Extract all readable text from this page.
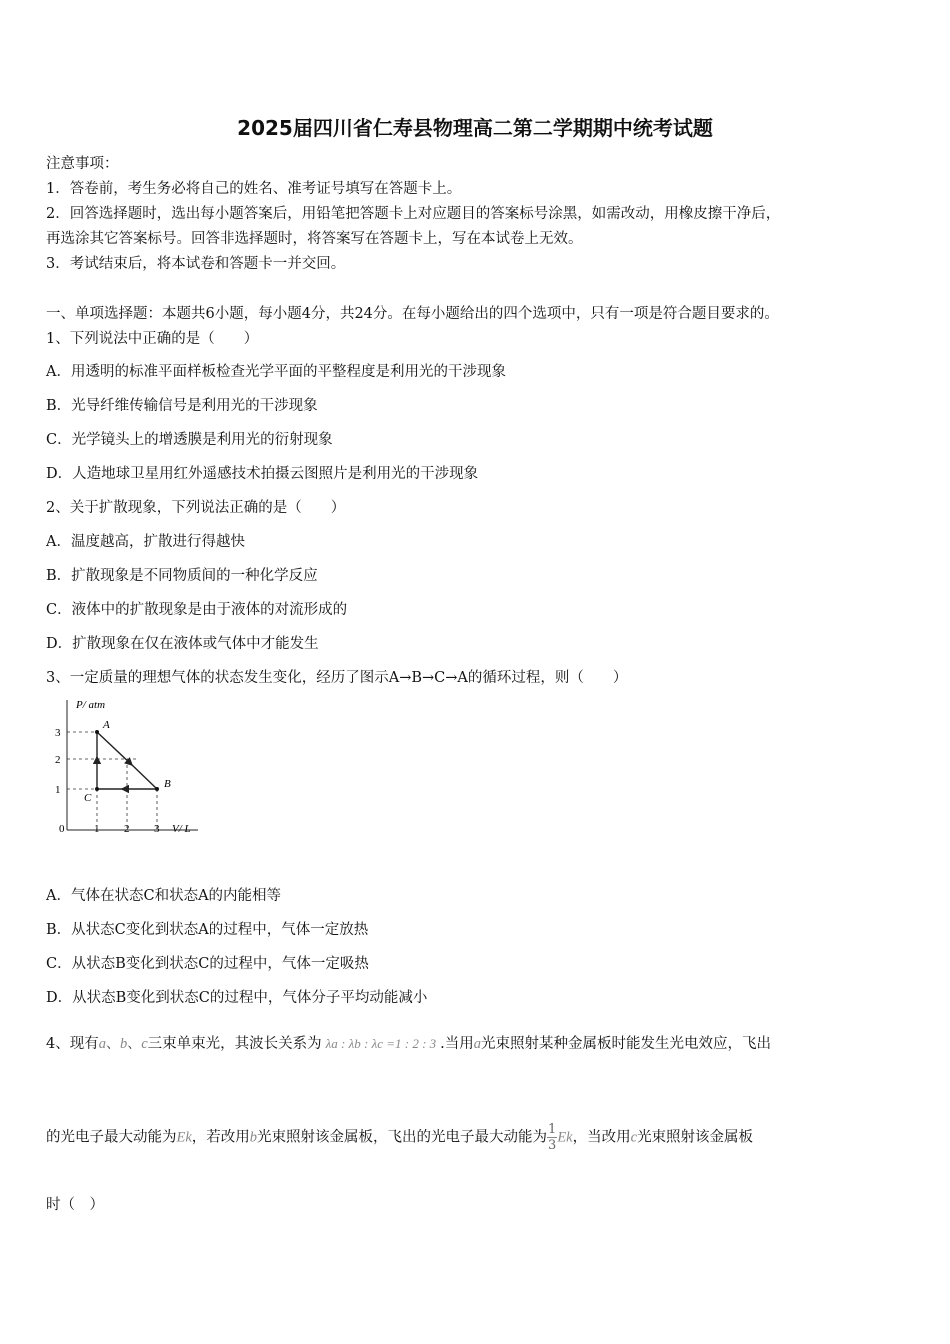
2025届四川省仁寿县物理高二第二学期期中统考试题
注意事项：
1．答卷前，考生务必将自己的姓名、准考证号填写在答题卡上。
2．回答选择题时，选出每小题答案后，用铅笔把答题卡上对应题目的答案标号涂黑，如需改动，用橡皮擦干净后，
再选涂其它答案标号。回答非选择题时，将答案写在答题卡上，写在本试卷上无效。
3．考试结束后，将本试卷和答题卡一并交回。
一、单项选择题：本题共6小题，每小题4分，共24分。在每小题给出的四个选项中，只有一项是符合题目要求的。
1、下列说法中正确的是（　　）
A．用透明的标准平面样板检查光学平面的平整程度是利用光的干涉现象
B．光导纤维传输信号是利用光的干涉现象
C．光学镜头上的增透膜是利用光的衍射现象
D．人造地球卫星用红外遥感技术拍摄云图照片是利用光的干涉现象
2、关于扩散现象，下列说法正确的是（　　）
A．温度越高，扩散进行得越快
B．扩散现象是不同物质间的一种化学反应
C．液体中的扩散现象是由于液体的对流形成的
D．扩散现象在仅在液体或气体中才能发生
3、一定质量的理想气体的状态发生变化，经历了图示A→B→C→A的循环过程，则（　　）
P/ atm
V/ L
0	1 2 3
1
2
3
A
B
C
A．气体在状态C和状态A的内能相等
B．从状态C变化到状态A的过程中，气体一定放热
C．从状态B变化到状态C的过程中，气体一定吸热
D．从状态B变化到状态C的过程中，气体分子平均动能减小
4、现有a、b、c三束单束光，其波长关系为 λa : λb : λc =1 : 2 : 3 .当用a光束照射某种金属板时能发生光电效应，飞出
的光电子最大动能为Ek，若改用b光束照射该金属板，飞出的光电子最大动能为 $\frac{1}{3}$ Ek，当改用c光束照射该金属板
时（　）
